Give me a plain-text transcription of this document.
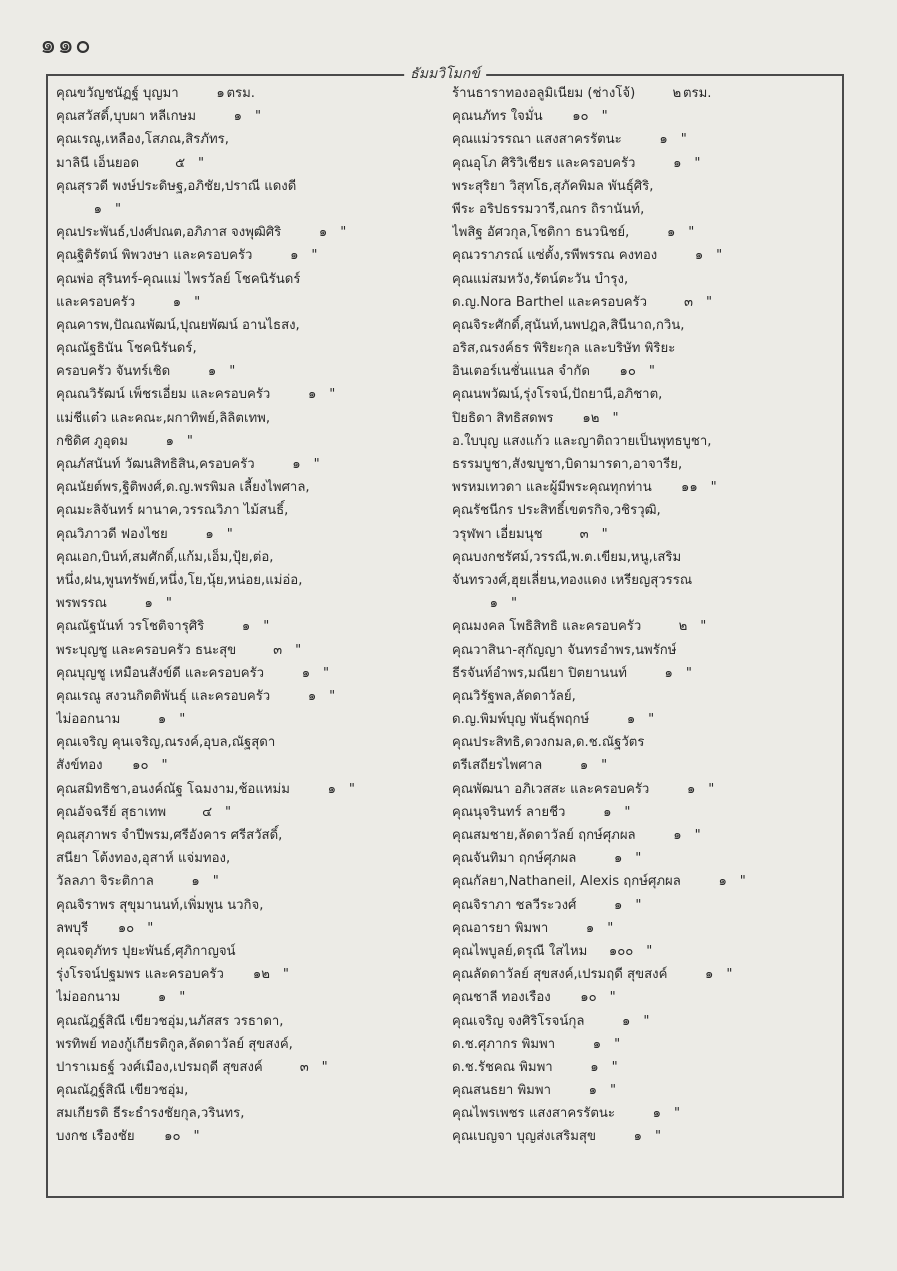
๑๑๐
ธัมมวิโมกข์
คุณขวัญชนัฏฐ์ บุญมา	๑ ตรม.
คุณสวัสดิ์,บุบผา หลีเกษม	๑ "
คุณเรณู,เหลือง,โสภณ,สิรภัทร,
มาลินี เอ็นยอด	๕ "
คุณสุรวดี พงษ์ประดิษฐ,อภิชัย,ปราณี แดงดี
๑ "
คุณประพันธ์,ปงศ์ปณต,อภิภาส จงพุฒิศิริ	๑ "
คุณฐิติรัตน์ พิพวงษา และครอบครัว	๑ "
คุณพ่อ สุรินทร์-คุณแม่ ไพรวัลย์ โชคนิรันดร์
และครอบครัว	๑ "
คุณคารพ,ปัณณพัฒน์,ปุณยพัฒน์ อานไธสง,
คุณณัฐธินัน โชคนิรันดร์,
ครอบครัว จันทร์เชิด	๑ "
คุณณวิรัฒน์ เพ็ชรเอี่ยม และครอบครัว	๑ "
แม่ชีแต๋ว และคณะ,ผกาทิพย์,ลิลิตเทพ,
กชิดิศ ภูอุดม	๑ "
คุณภัสนันท์ วัฒนสิทธิสิน,ครอบครัว	๑ "
คุณนัยต์พร,ฐิติพงศ์,ด.ญ.พรพิมล เลี้ยงไพศาล,
คุณมะลิจันทร์ ผานาค,วรรณวิภา ไม้สนธิ์,
คุณวิภาวดี ฟองไชย	๑ "
คุณเอก,บินท์,สมศักดิ์,แก้ม,เอ็ม,ปุ้ย,ต่อ,
หนึ่ง,ฝน,พูนทรัพย์,หนึ่ง,โย,นุ้ย,หน่อย,แม่อ่อ,
พรพรรณ	๑ "
คุณณัฐนันท์ วรโชติจารุศิริ	๑ "
พระบุญชู และครอบครัว ธนะสุข	๓ "
คุณบุญชู เหมือนสังข์ดี และครอบครัว	๑ "
คุณเรณู สงวนกิตติพันธุ์ และครอบครัว	๑ "
ไม่ออกนาม	๑ "
คุณเจริญ คุนเจริญ,ณรงค์,อุบล,ณัฐสุดา
สังข์ทอง	๑๐ "
คุณสมิทธิชา,อนงค์ณัฐ โฉมงาม,ช้อแหม่ม	๑ "
คุณอัจฉรีย์ สุธาเทพ	๔ "
คุณสุภาพร จำปีพรม,ศรีอังคาร ศรีสวัสดิ์,
สนียา โต้งทอง,อุสาห์ แจ่มทอง,
วัลลภา จิระติกาล	๑ "
คุณจิราพร สุขุมานนท์,เพิ่มพูน นวกิจ,
ลพบุรี	๑๐ "
คุณจตุภัทร ปุยะพันธ์,ศุภิกาญจน์
รุ่งโรจน์ปฐมพร และครอบครัว	๑๒ "
ไม่ออกนาม	๑ "
คุณณัฎฐ์สิณี เขียวชอุ่ม,นภัสสร วรธาดา,
พรทิพย์ ทองกู้เกียรติกูล,ลัดดาวัลย์ สุขสงค์,
ปาราเมธฐ์ วงศ์เมือง,เปรมฤดี สุขสงค์	๓ "
คุณณัฎฐ์สิณี เขียวชอุ่ม,
สมเกียรติ ธีระธำรงชัยกุล,วรินทร,
บงกช เรืองชัย	๑๐ "
ร้านธาราทองอลูมิเนียม (ช่างโจ้)	๒ ตรม.
คุณนภัทร ใจมั่น	๑๐ "
คุณแม่วรรณา แสงสาครรัตนะ	๑ "
คุณอุโภ ศิริวิเชียร และครอบครัว	๑ "
พระสุริยา วิสุทโธ,สุภัคพิมล พันธุ์ศิริ,
พีระ อริปธรรมวารี,ณกร ถิรานันท์,
ไพสิฐ อัศวกุล,โชติกา ธนวนิชย์,	๑ "
คุณวราภรณ์ แซ่ตั้ง,รพีพรรณ คงทอง	๑ "
คุณแม่สมหวัง,รัตน์ตะวัน บำรุง,
ด.ญ.Nora Barthel และครอบครัว	๓ "
คุณจิระศักดิ์,สุนันท์,นพปฎล,สินีนาถ,กวิน,
อริส,ณรงค์ธร พิริยะกุล และบริษัท พิริยะ
อินเตอร์เนชั่นแนล จำกัด	๑๐ "
คุณนพวัฒน์,รุ่งโรจน์,ปัถยานี,อภิชาต,
ปิยธิดา สิทธิสดพร	๑๒ "
อ.ใบบุญ แสงแก้ว และญาติถวายเป็นพุทธบูชา,
ธรรมบูชา,สังฆบูชา,บิดามารดา,อาจารีย,
พรหมเทวดา และผู้มีพระคุณทุกท่าน	๑๑ "
คุณรัชนีกร ประสิทธิ์เขตรกิจ,วชิรวุฒิ,
วรุฬพา เอี่ยมนุช	๓ "
คุณบงกชรัศม์,วรรณี,พ.ต.เขียม,หนู,เสริม
จันทรวงศ์,ฮุยเลี่ยน,ทองแดง เหรียญสุวรรณ
๑ "
คุณมงคล โพธิสิทธิ และครอบครัว	๒ "
คุณวาสินา-สุกัญญา จันทรอำพร,นพรักษ์
ธีรจันท์อำพร,มณียา ปิตยานนท์	๑ "
คุณวิรัฐพล,ลัดดาวัลย์,
ด.ญ.พิมพ์บุญ พันธุ์พฤกษ์	๑ "
คุณประสิทธิ,ดวงกมล,ด.ช.ณัฐวัตร
ตรีเสถียรไพศาล	๑ "
คุณพัฒนา อภิเวสสะ และครอบครัว	๑ "
คุณนุจรินทร์ ลายชีว	๑ "
คุณสมชาย,ลัดดาวัลย์ ฤกษ์ศุภผล	๑ "
คุณจันทิมา ฤกษ์ศุภผล	๑ "
คุณกัลยา,Nathaneil, Alexis ฤกษ์ศุภผล	๑ "
คุณจิราภา ชลวีระวงศ์	๑ "
คุณอารยา พิมพา	๑ "
คุณไพบูลย์,ดรุณี ใสไหม	๑๐๐ "
คุณลัดดาวัลย์ สุขสงค์,เปรมฤดี สุขสงค์	๑ "
คุณชาลี ทองเรือง	๑๐ "
คุณเจริญ จงศิริโรจน์กุล	๑ "
ด.ช.ศุภากร พิมพา	๑ "
ด.ช.รัชคณ พิมพา	๑ "
คุณสนธยา พิมพา	๑ "
คุณไพรเพชร แสงสาครรัตนะ	๑ "
คุณเบญจา บุญส่งเสริมสุข	๑ "
